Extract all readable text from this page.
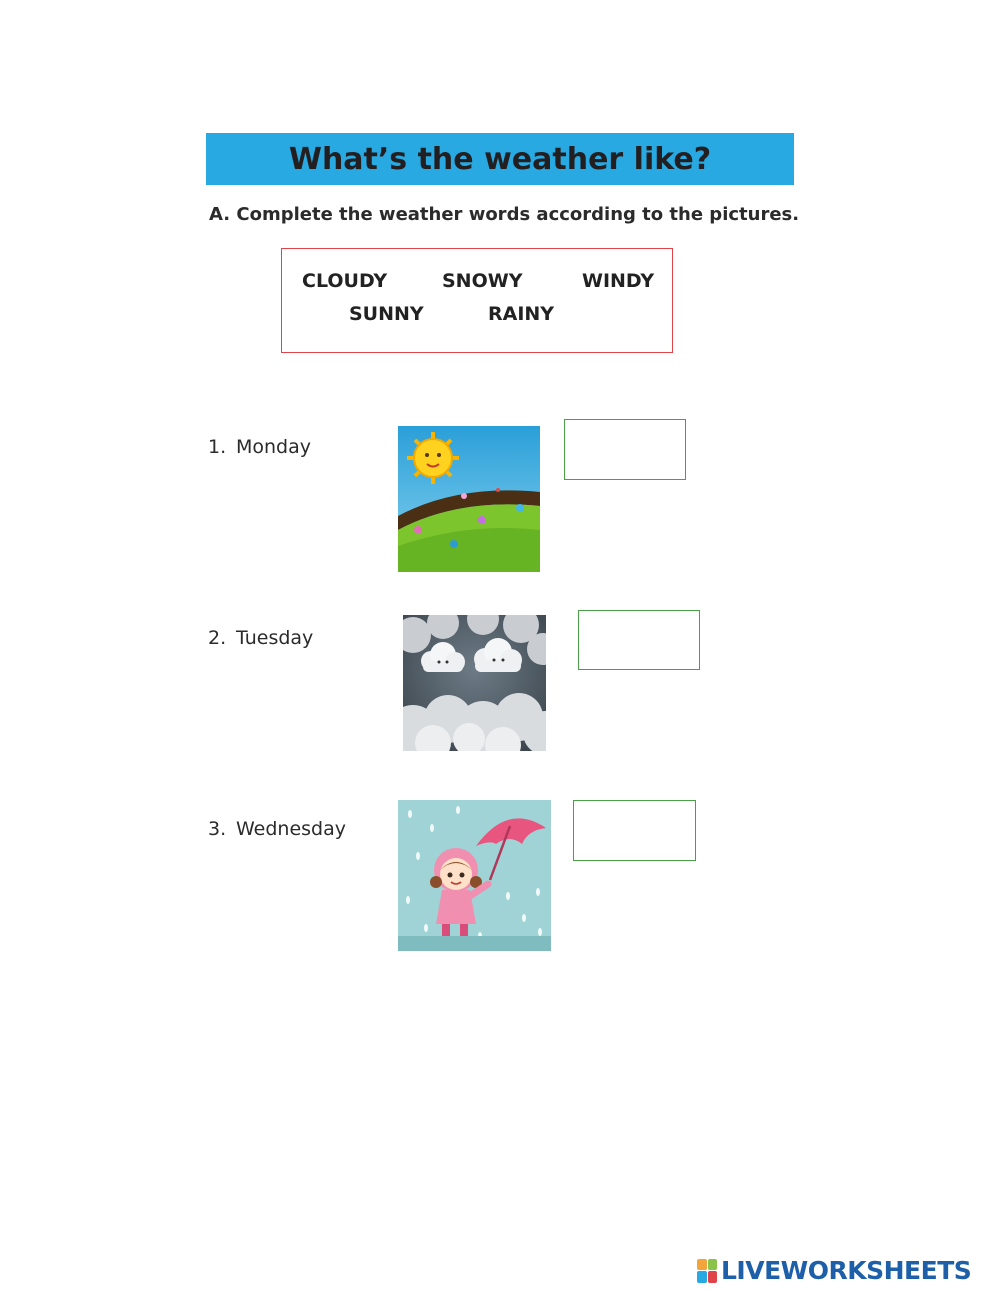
What’s the weather like?
A. Complete the weather words according to the pictures.
CLOUDY	SNOWY	WINDY
SUNNY	RAINY
1. Monday
2. Tuesday
3. Wednesday
LIVEWORKSHEETS
